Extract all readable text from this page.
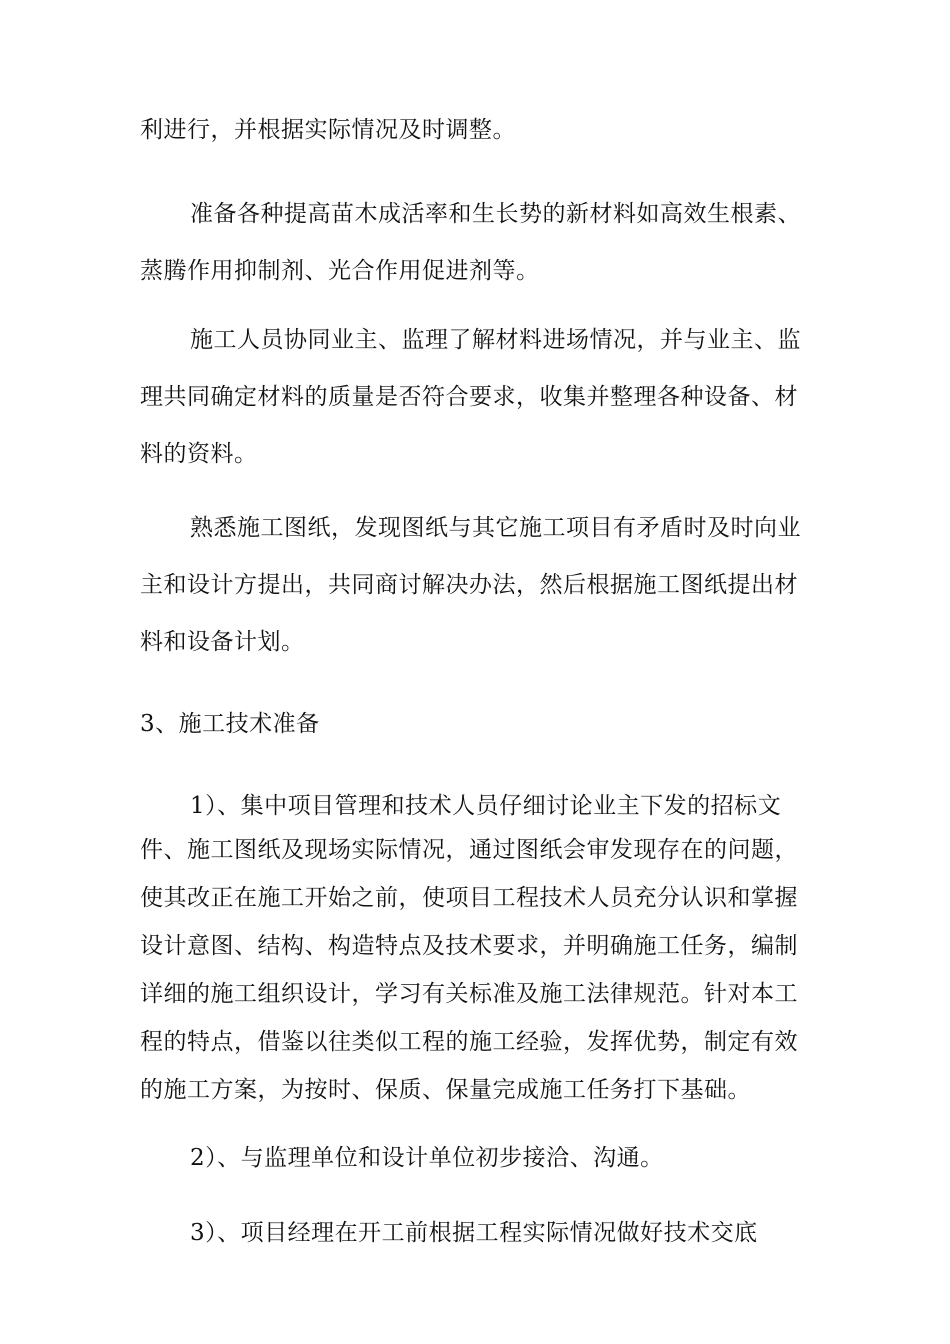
利进行，并根据实际情况及时调整。
准备各种提高苗木成活率和生长势的新材料如高效生根素、
蒸腾作用抑制剂、光合作用促进剂等。
施工人员协同业主、监理了解材料进场情况，并与业主、监
理共同确定材料的质量是否符合要求，收集并整理各种设备、材
料的资料。
熟悉施工图纸，发现图纸与其它施工项目有矛盾时及时向业
主和设计方提出，共同商讨解决办法，然后根据施工图纸提出材
料和设备计划。
3、施工技术准备
1）、集中项目管理和技术人员仔细讨论业主下发的招标文
件、施工图纸及现场实际情况，通过图纸会审发现存在的问题，
使其改正在施工开始之前，使项目工程技术人员充分认识和掌握
设计意图、结构、构造特点及技术要求，并明确施工任务，编制
详细的施工组织设计，学习有关标准及施工法律规范。针对本工
程的特点，借鉴以往类似工程的施工经验，发挥优势，制定有效
的施工方案，为按时、保质、保量完成施工任务打下基础。
2）、与监理单位和设计单位初步接洽、沟通。
3）、项目经理在开工前根据工程实际情况做好技术交底
